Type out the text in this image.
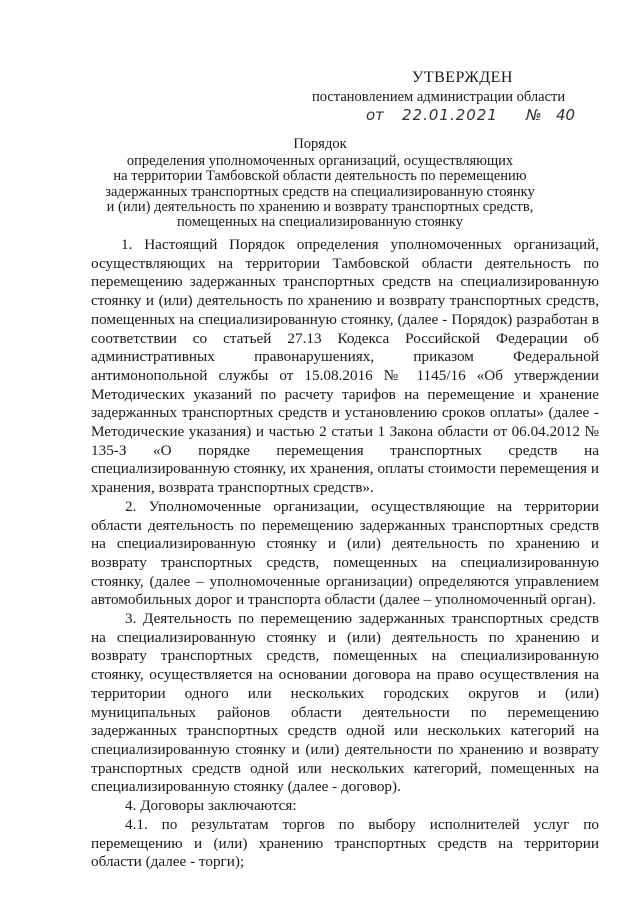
УТВЕРЖДЕН
постановлением администрации области
от 22.01.2021 № 40
Порядок
определения уполномоченных организаций, осуществляющих
на территории Тамбовской области деятельность по перемещению
задержанных транспортных средств на специализированную стоянку
и (или) деятельность по хранению и возврату транспортных средств,
помещенных на специализированную стоянку

1. Настоящий Порядок определения уполномоченных организаций, осуществляющих на территории Тамбовской области деятельность по перемещению задержанных транспортных средств на специализированную стоянку и (или) деятельность по хранению и возврату транспортных средств, помещенных на специализированную стоянку, (далее - Порядок) разработан в соответствии со статьей 27.13 Кодекса Российской Федерации об административных правонарушениях, приказом Федеральной антимонопольной службы от 15.08.2016 № 1145/16 «Об утверждении Методических указаний по расчету тарифов на перемещение и хранение задержанных транспортных средств и установлению сроков оплаты» (далее - Методические указания) и частью 2 статьи 1 Закона области от 06.04.2012 № 135-З «О порядке перемещения транспортных средств на специализированную стоянку, их хранения, оплаты стоимости перемещения и хранения, возврата транспортных средств».

2. Уполномоченные организации, осуществляющие на территории области деятельность по перемещению задержанных транспортных средств на специализированную стоянку и (или) деятельность по хранению и возврату транспортных средств, помещенных на специализированную стоянку, (далее – уполномоченные организации) определяются управлением автомобильных дорог и транспорта области (далее – уполномоченный орган).

3. Деятельность по перемещению задержанных транспортных средств на специализированную стоянку и (или) деятельность по хранению и возврату транспортных средств, помещенных на специализированную стоянку, осуществляется на основании договора на право осуществления на территории одного или нескольких городских округов и (или) муниципальных районов области деятельности по перемещению задержанных транспортных средств одной или нескольких категорий на специализированную стоянку и (или) деятельности по хранению и возврату транспортных средств одной или нескольких категорий, помещенных на специализированную стоянку (далее - договор).

4. Договоры заключаются:

4.1. по результатам торгов по выбору исполнителей услуг по перемещению и (или) хранению транспортных средств на территории области (далее - торги);
